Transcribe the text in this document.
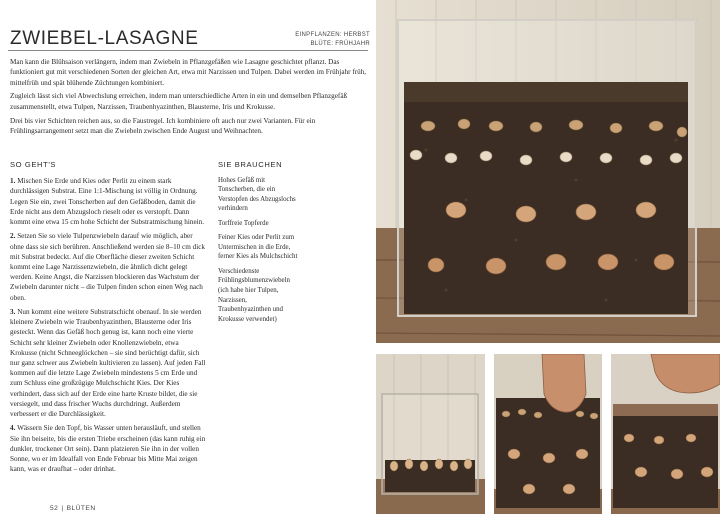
ZWIEBEL-LASAGNE	EINPFLANZEN: HERBST
BLÜTE: FRÜHJAHR

Man kann die Blühsaison verlängern, indem man Zwiebeln in Pflanzgefäßen wie Lasagne geschichtet pflanzt. Das funktioniert gut mit verschiedenen Sorten der gleichen Art, etwa mit Narzissen und Tulpen. Dabei werden im Frühjahr früh, mittelfrüh und spät blühende Züchtungen kombiniert.

Zugleich lässt sich viel Abwechslung erreichen, indem man unterschiedliche Arten in ein und demselben Pflanzgefäß zusammenstellt, etwa Tulpen, Narzissen, Traubenhyazinthen, Blausterne, Iris und Krokusse.

Drei bis vier Schichten reichen aus, so die Faustregel. Ich kombiniere oft auch nur zwei Varianten. Für ein Frühlingsarrangement setzt man die Zwiebeln zwischen Ende August und Weihnachten.

SO GEHT'S

1. Mischen Sie Erde und Kies oder Perlit zu einem stark durchlässigen Substrat. Eine 1:1-Mischung ist völlig in Ordnung. Legen Sie ein, zwei Tonscherben auf den Gefäßboden, damit die Erde nicht aus dem Abzugsloch rieselt oder es verstopft. Dann kommt eine etwa 15 cm hohe Schicht der Substratmischung hinein.

2. Setzen Sie so viele Tulpenzwiebeln darauf wie möglich, aber ohne dass sie sich berühren. Anschließend werden sie 8–10 cm dick mit Substrat bedeckt. Auf die Oberfläche dieser zweiten Schicht kommt eine Lage Narzissenzwiebeln, die ähnlich dicht gelegt werden. Keine Angst, die Narzissen blockieren das Wachstum der Zwiebeln darunter nicht – die Tulpen finden schon einen Weg nach oben.

3. Nun kommt eine weitere Substratschicht obenauf. In sie werden kleinere Zwiebeln wie Traubenhyazinthen, Blausterne oder Iris gesteckt. Wenn das Gefäß hoch genug ist, kann noch eine vierte Schicht sehr kleiner Zwiebeln oder Knollenzwiebeln, etwa Krokusse (nicht Schneeglöckchen – sie sind berüchtigt dafür, sich nur ganz schwer aus Zwiebeln kultivieren zu lassen). Auf jeden Fall kommen auf die letzte Lage Zwiebeln mindestens 5 cm Erde und zum Schluss eine großzügige Mulchschicht Kies. Der Kies verhindert, dass sich auf der Erde eine harte Kruste bildet, die sie versiegelt, und dass frischer Wuchs durchdringt. Außerdem verbessert er die Durchlässigkeit.

4. Wässern Sie den Topf, bis Wasser unten herausläuft, und stellen Sie ihn beiseite, bis die ersten Triebe erscheinen (das kann ruhig ein dunkler, trockener Ort sein). Dann platzieren Sie ihn in der vollen Sonne, wo er im Idealfall von Ende Februar bis Mitte Mai zeigen kann, was er draufhat – oder drinhat.

SIE BRAUCHEN

Hohes Gefäß mit Tonscherben, die ein Verstopfen des Abzugslochs verhindern

Torffreie Topferde

Feiner Kies oder Perlit zum Untermischen in die Erde, ferner Kies als Mulchschicht

Verschiedenste Frühlingsblumenzwiebeln (ich habe hier Tulpen, Narzissen, Traubenhyazinthen und Krokusse verwendet)

52 | BLÜTEN
